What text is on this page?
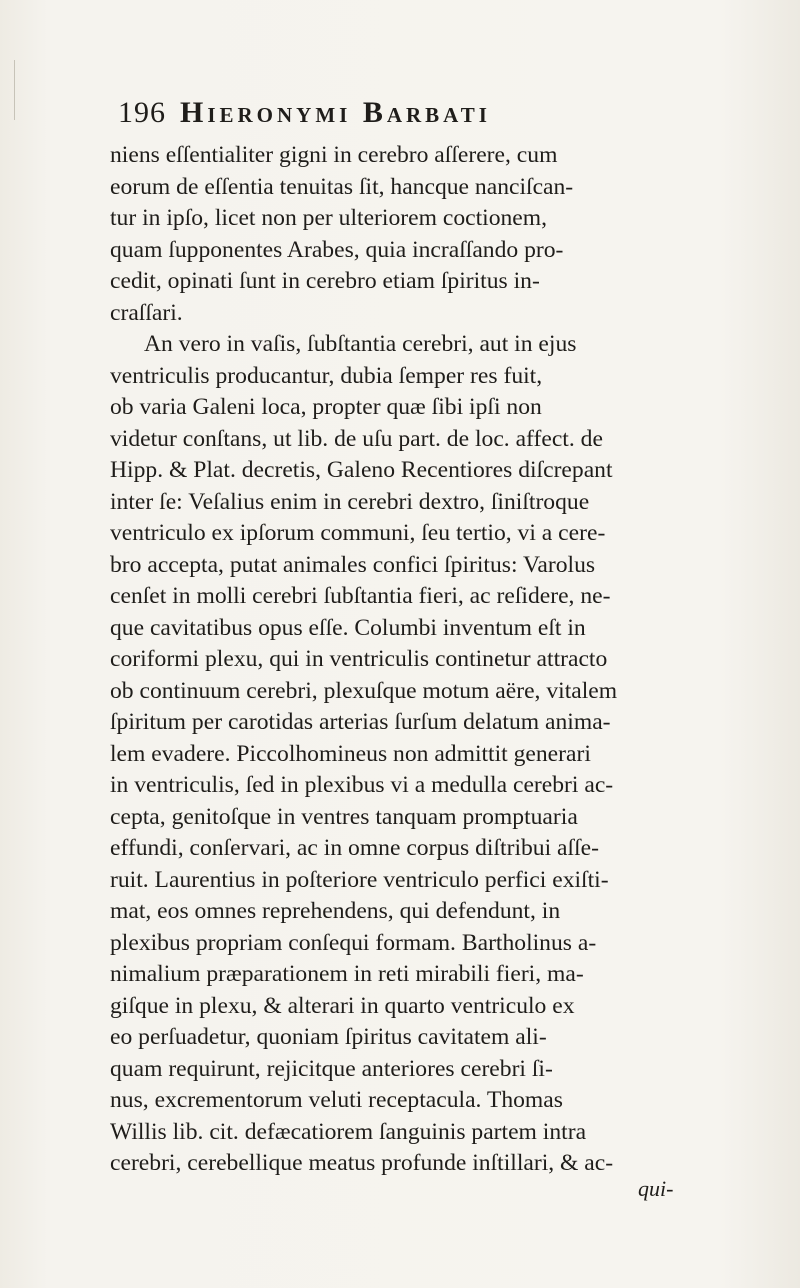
196 Hieronymi Barbati
niens eſſentialiter gigni in cerebro aſſerere, cum
eorum de eſſentia tenuitas ſit, hancque nanciſcan-
tur in ipſo, licet non per ulteriorem coctionem,
quam ſupponentes Arabes, quia incraſſando pro-
cedit, opinati ſunt in cerebro etiam ſpiritus in-
craſſari.
An vero in vaſis, ſubſtantia cerebri, aut in ejus
ventriculis producantur, dubia ſemper res fuit,
ob varia Galeni loca, propter quæ ſibi ipſi non
videtur conſtans, ut lib. de uſu part. de loc. affect. de
Hipp. & Plat. decretis, Galeno Recentiores diſcrepant
inter ſe: Veſalius enim in cerebri dextro, ſiniſtroque
ventriculo ex ipſorum communi, ſeu tertio, vi a cere-
bro accepta, putat animales confici ſpiritus: Varolus
cenſet in molli cerebri ſubſtantia fieri, ac reſidere, ne-
que cavitatibus opus eſſe. Columbi inventum eſt in
coriformi plexu, qui in ventriculis continetur attracto
ob continuum cerebri, plexuſque motum aëre, vitalem
ſpiritum per carotidas arterias ſurſum delatum anima-
lem evadere. Piccolhomineus non admittit generari
in ventriculis, ſed in plexibus vi a medulla cerebri ac-
cepta, genitoſque in ventres tanquam promptuaria
effundi, conſervari, ac in omne corpus diſtribui aſſe-
ruit. Laurentius in poſteriore ventriculo perfici exiſti-
mat, eos omnes reprehendens, qui defendunt, in
plexibus propriam conſequi formam. Bartholinus a-
nimalium præparationem in reti mirabili fieri, ma-
giſque in plexu, & alterari in quarto ventriculo ex
eo perſuadetur, quoniam ſpiritus cavitatem ali-
quam requirunt, rejicitque anteriores cerebri ſi-
nus, excrementorum veluti receptacula. Thomas
Willis lib. cit. defæcatiorem ſanguinis partem intra
cerebri, cerebellique meatus profunde inſtillari, & ac-
qui-
